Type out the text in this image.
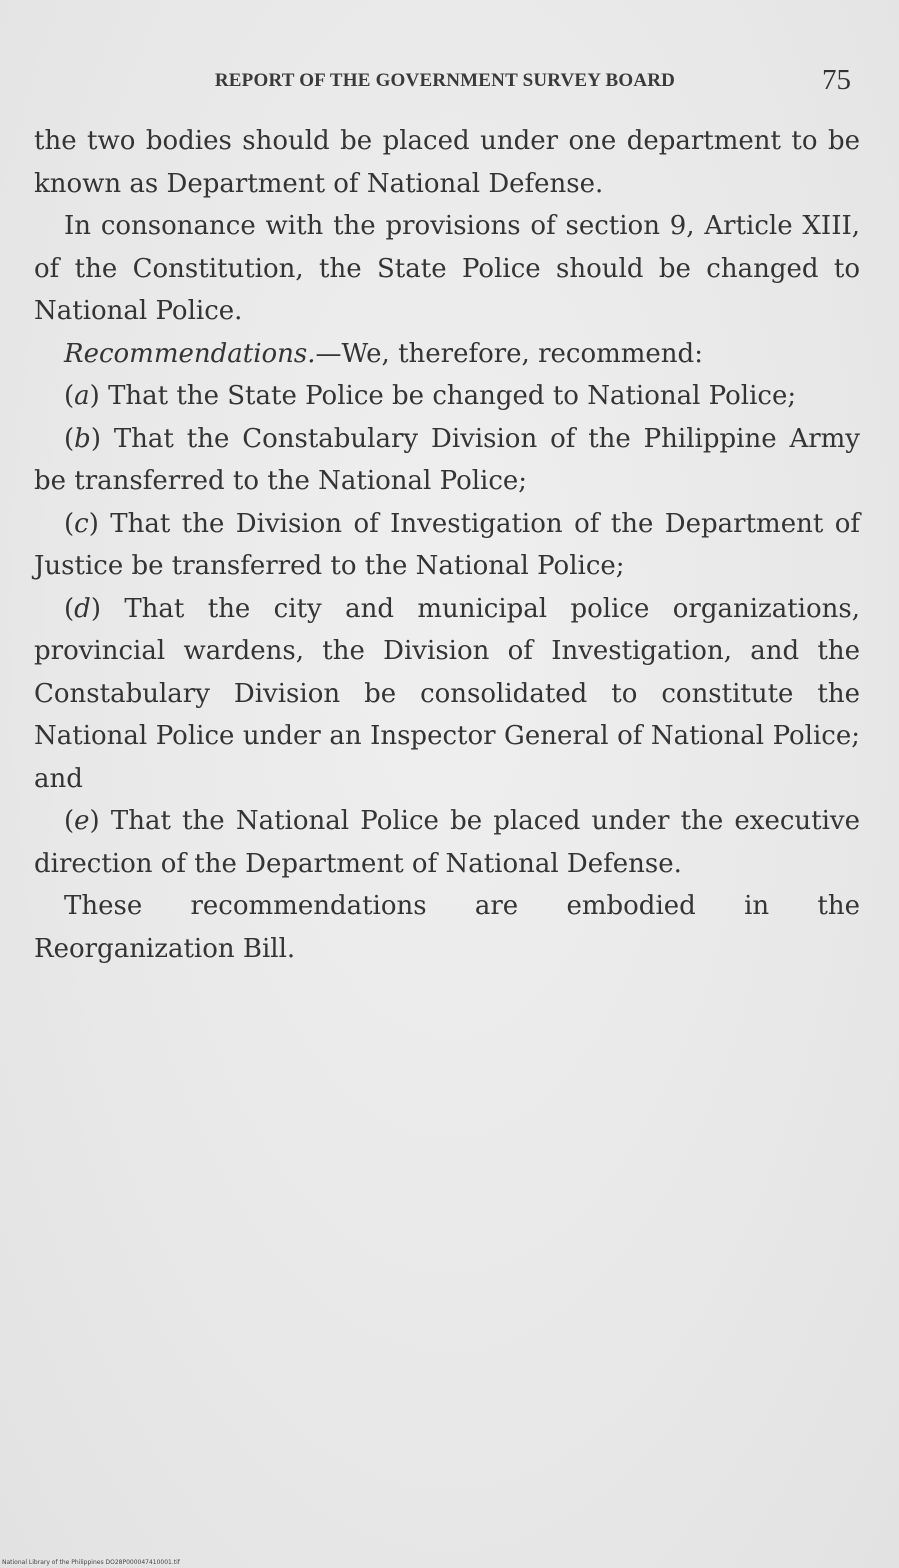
REPORT OF THE GOVERNMENT SURVEY BOARD	75

the two bodies should be placed under one department to be known as Department of National Defense.

In consonance with the provisions of section 9, Article XIII, of the Constitution, the State Police should be changed to National Police.

Recommendations.—We, therefore, recommend:

(a) That the State Police be changed to National Police;

(b) That the Constabulary Division of the Philippine Army be transferred to the National Police;

(c) That the Division of Investigation of the Department of Justice be transferred to the National Police;

(d) That the city and municipal police organizations, provincial wardens, the Division of Investigation, and the Constabulary Division be consolidated to constitute the National Police under an Inspector General of National Police; and

(e) That the National Police be placed under the executive direction of the Department of National Defense.

These recommendations are embodied in the Reorganization Bill.

National Library of the Philippines DO28P000047410001.tif
